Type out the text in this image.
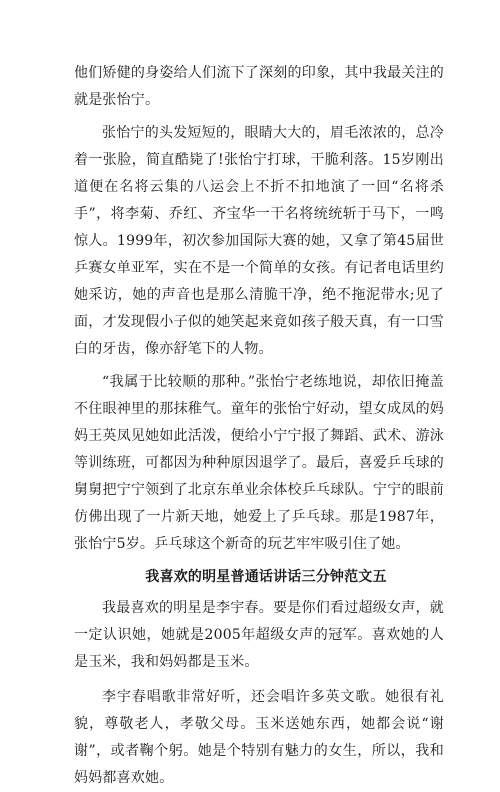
他们矫健的身姿给人们流下了深刻的印象，其中我最关注的就是张怡宁。

张怡宁的头发短短的，眼睛大大的，眉毛浓浓的，总冷着一张脸，简直酷毙了!张怡宁打球，干脆利落。15岁刚出道便在名将云集的八运会上不折不扣地演了一回“名将杀手”，将李菊、乔红、齐宝华一干名将统统斩于马下，一鸣惊人。1999年，初次参加国际大赛的她，又拿了第45届世乒赛女单亚军，实在不是一个简单的女孩。有记者电话里约她采访，她的声音也是那么清脆干净，绝不拖泥带水;见了面，才发现假小子似的她笑起来竟如孩子般天真，有一口雪白的牙齿，像亦舒笔下的人物。

“我属于比较顺的那种。”张怡宁老练地说，却依旧掩盖不住眼神里的那抹稚气。童年的张怡宁好动，望女成凤的妈妈王英凤见她如此活泼，便给小宁宁报了舞蹈、武术、游泳等训练班，可都因为种种原因退学了。最后，喜爱乒乓球的舅舅把宁宁领到了北京东单业余体校乒乓球队。宁宁的眼前仿佛出现了一片新天地，她爱上了乒乓球。那是1987年，张怡宁5岁。乒乓球这个新奇的玩艺牢牢吸引住了她。

我喜欢的明星普通话讲话三分钟范文五

我最喜欢的明星是李宇春。要是你们看过超级女声，就一定认识她，她就是2005年超级女声的冠军。喜欢她的人是玉米，我和妈妈都是玉米。

李宇春唱歌非常好听，还会唱许多英文歌。她很有礼貌，尊敬老人，孝敬父母。玉米送她东西，她都会说“谢谢”，或者鞠个躬。她是个特别有魅力的女生，所以，我和妈妈都喜欢她。
